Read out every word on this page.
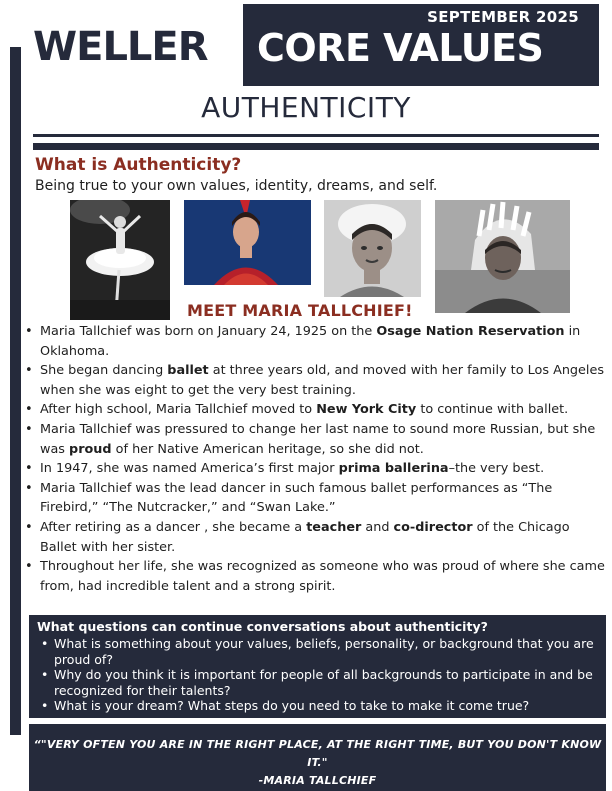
SEPTEMBER 2025
CORE VALUES
WELLER
AUTHENTICITY
What is Authenticity?
Being true to your own values, identity, dreams, and self.
MEET MARIA TALLCHIEF!
• Maria Tallchief was born on January 24, 1925 on the Osage Nation Reservation in Oklahoma.
• She began dancing ballet at three years old, and moved with her family to Los Angeles when she was eight to get the very best training.
• After high school, Maria Tallchief moved to New York City to continue with ballet.
• Maria Tallchief was pressured to change her last name to sound more Russian, but she was proud of her Native American heritage, so she did not.
• In 1947, she was named America’s first major prima ballerina–the very best.
• Maria Tallchief was the lead dancer in such famous ballet performances as “The Firebird,” “The Nutcracker,” and “Swan Lake.”
• After retiring as a dancer , she became a teacher and co-director of the Chicago Ballet with her sister.
• Throughout her life, she was recognized as someone who was proud of where she came from, had incredible talent and a strong spirit.
What questions can continue conversations about authenticity?
• What is something about your values, beliefs, personality, or background that you are proud of?
• Why do you think it is important for people of all backgrounds to participate in and be recognized for their talents?
• What is your dream? What steps do you need to take to make it come true?
“"VERY OFTEN YOU ARE IN THE RIGHT PLACE, AT THE RIGHT TIME, BUT YOU DON'T KNOW IT."
-MARIA TALLCHIEF
